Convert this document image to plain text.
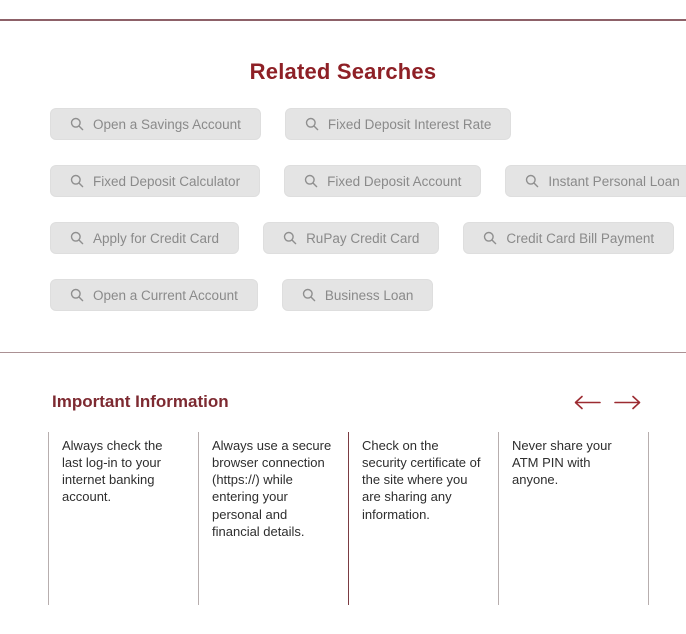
Related Searches
Open a Savings Account	Fixed Deposit Interest Rate
Fixed Deposit Calculator	Fixed Deposit Account	Instant Personal Loan
Apply for Credit Card	RuPay Credit Card	Credit Card Bill Payment
Open a Current Account	Business Loan
Important Information
Always check the last log-in to your internet banking account.
Always use a secure browser connection (https://) while entering your personal and financial details.
Check on the security certificate of the site where you are sharing any information.
Never share your ATM PIN with anyone.
